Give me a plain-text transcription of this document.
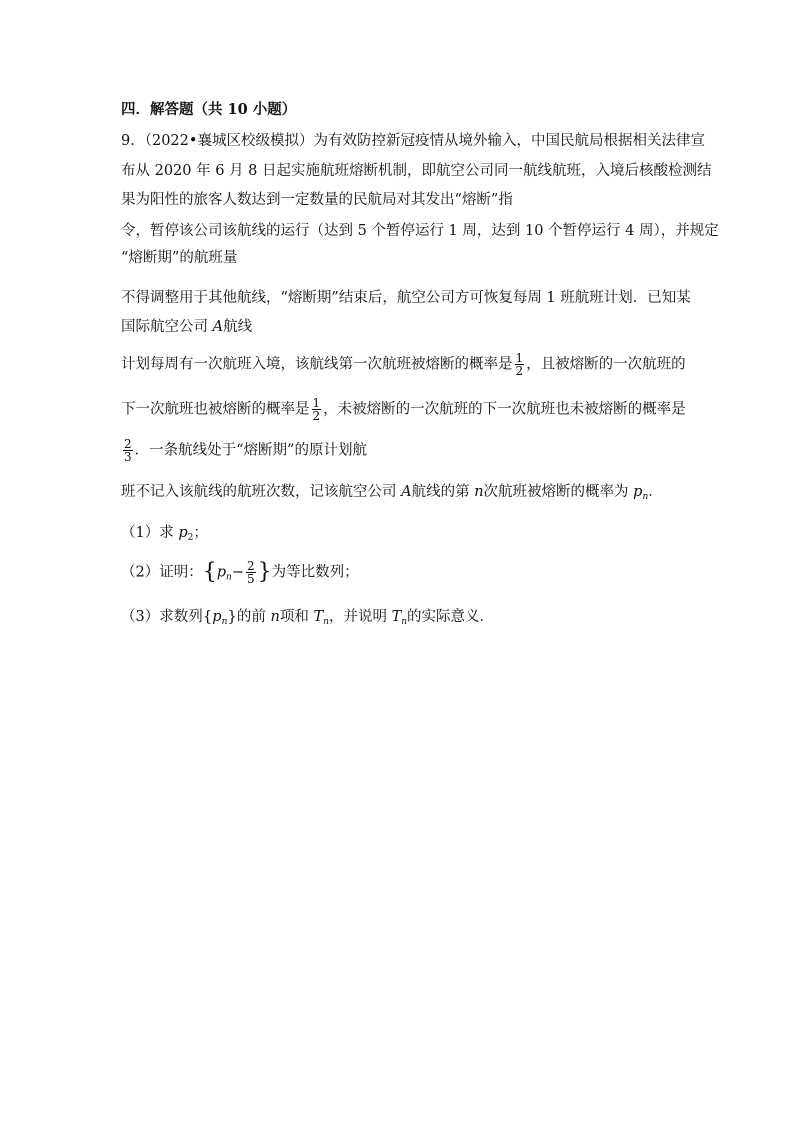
四．解答题（共 10 小题）
9．（2022•襄城区校级模拟）为有效防控新冠疫情从境外输入，中国民航局根据相关法律宣
布从 2020 年 6 月 8 日起实施航班熔断机制，即航空公司同一航线航班，入境后核酸检测结
果为阳性的旅客人数达到一定数量的民航局对其发出“熔断”指
令，暂停该公司该航线的运行（达到 5 个暂停运行 1 周，达到 10 个暂停运行 4 周），并规定
“熔断期”的航班量
不得调整用于其他航线，“熔断期”结束后，航空公司方可恢复每周 1 班航班计划．已知某
国际航空公司 A航线
计划每周有一次航班入境，该航线第一次航班被熔断的概率是 $\frac{1}{2}$ ，且被熔断的一次航班的
下一次航班也被熔断的概率是 $\frac{1}{2}$ ，未被熔断的一次航班的下一次航班也未被熔断的概率是
$\frac{2}{3}$ ．一条航线处于“熔断期”的原计划航
班不记入该航线的航班次数，记该航空公司 A航线的第 n次航班被熔断的概率为 $p_n$．
（1）求 $p_2$；
（2）证明：{$p_n- \frac{2}{5}$ }为等比数列；
（3）求数列$\{p_n\}$的前 n项和 $T_n$，并说明 $T_n$的实际意义．
